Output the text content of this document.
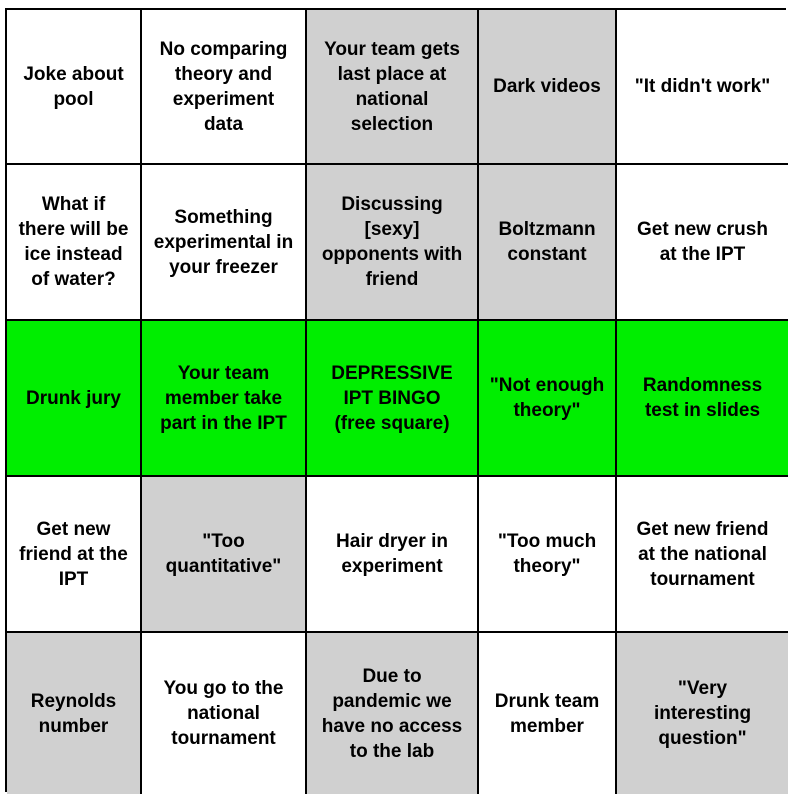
Joke about
pool
No comparing
theory and
experiment
data
Your team gets
last place at
national
selection
Dark videos	"It didn't work"
What if
there will be
ice instead
of water?
Something
experimental in
your freezer
Discussing
[sexy]
opponents with
friend
Boltzmann
constant
Get new crush
at the IPT
Drunk jury
Your team
member take
part in the IPT
DEPRESSIVE
IPT BINGO
(free square)
"Not enough
theory"
Randomness
test in slides
Get new
friend at the
IPT
"Too
quantitative"
Hair dryer in
experiment
"Too much
theory"
Get new friend
at the national
tournament
Reynolds
number
You go to the
national
tournament
Due to
pandemic we
have no access
to the lab
Drunk team
member
"Very
interesting
question"
